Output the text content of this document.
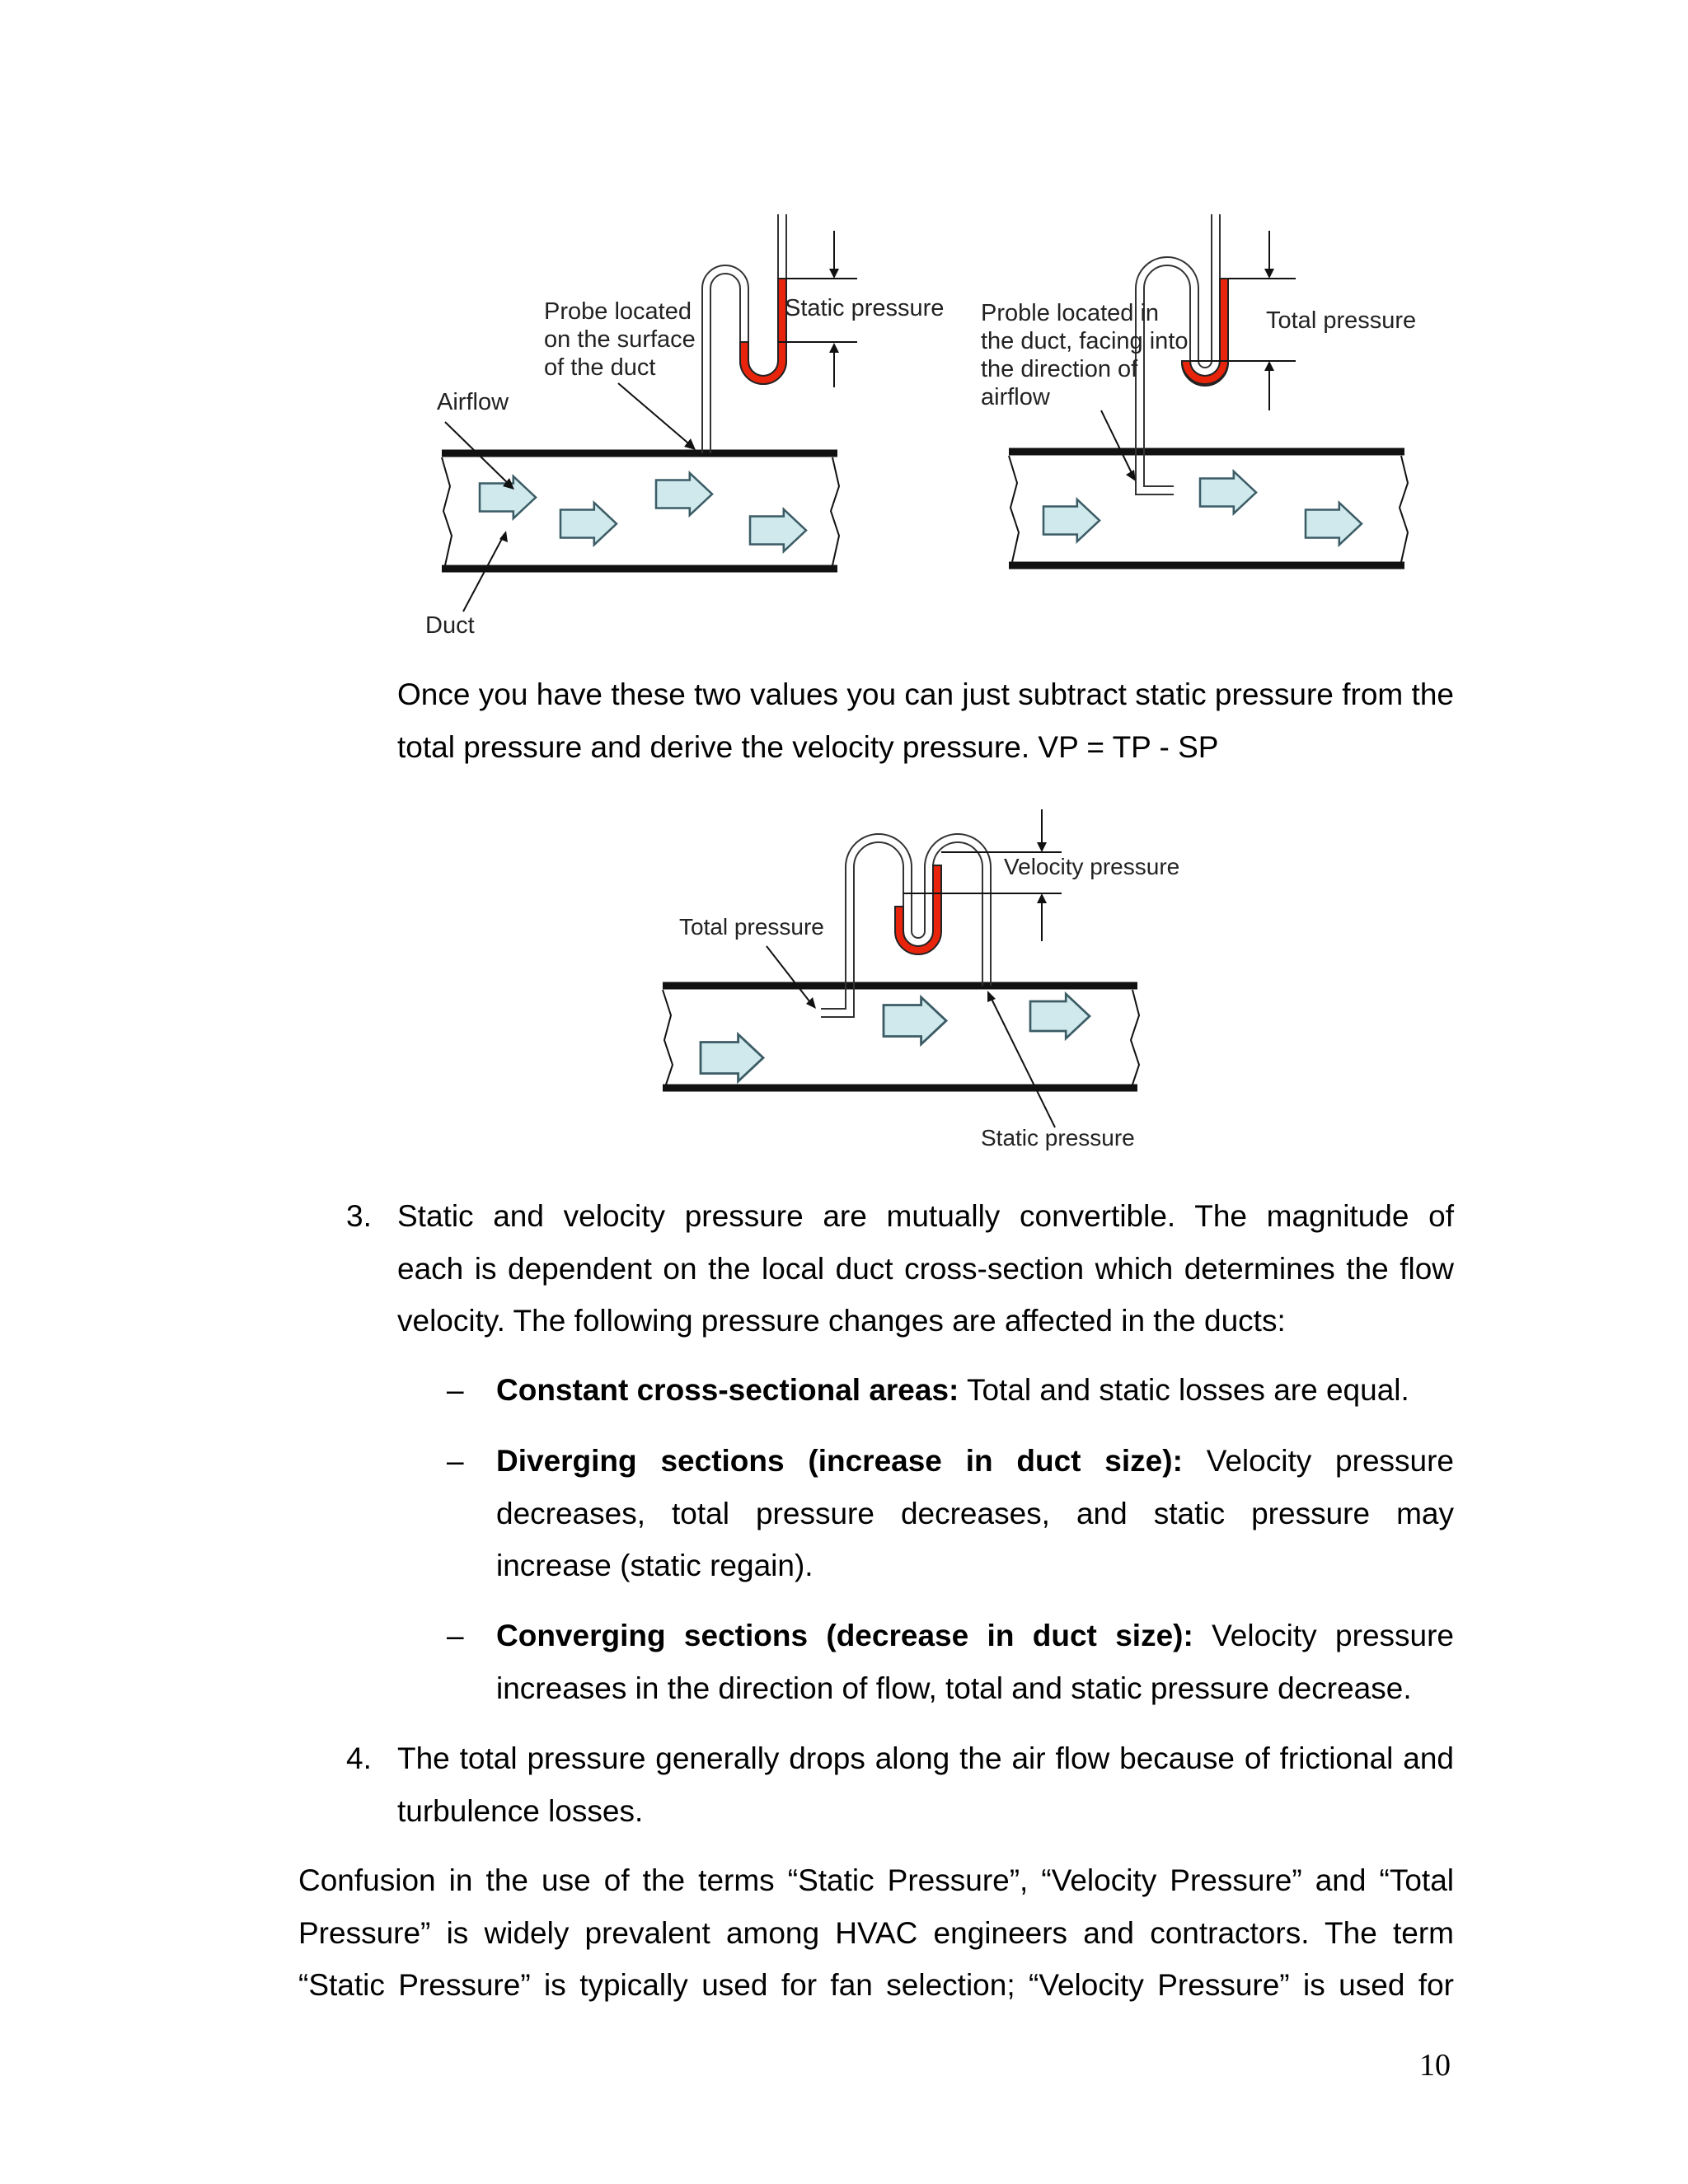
Probe located
on the surface
of the duct
Static pressure
Airflow
Duct
Proble located in
the duct, facing into
the direction of
airflow
Total pressure
Once you have these two values you can just subtract static pressure from the
total pressure and derive the velocity pressure. VP = TP - SP
Velocity pressure
Total pressure
Static pressure
3. Static and velocity pressure are mutually convertible. The magnitude of
each is dependent on the local duct cross-section which determines the flow
velocity. The following pressure changes are affected in the ducts:
– Constant cross-sectional areas: Total and static losses are equal.
– Diverging sections (increase in duct size): Velocity pressure
decreases, total pressure decreases, and static pressure may
increase (static regain).
– Converging sections (decrease in duct size): Velocity pressure
increases in the direction of flow, total and static pressure decrease.
4. The total pressure generally drops along the air flow because of frictional and
turbulence losses.
Confusion in the use of the terms “Static Pressure”, “Velocity Pressure” and “Total
Pressure” is widely prevalent among HVAC engineers and contractors. The term
“Static Pressure” is typically used for fan selection; “Velocity Pressure” is used for
10
